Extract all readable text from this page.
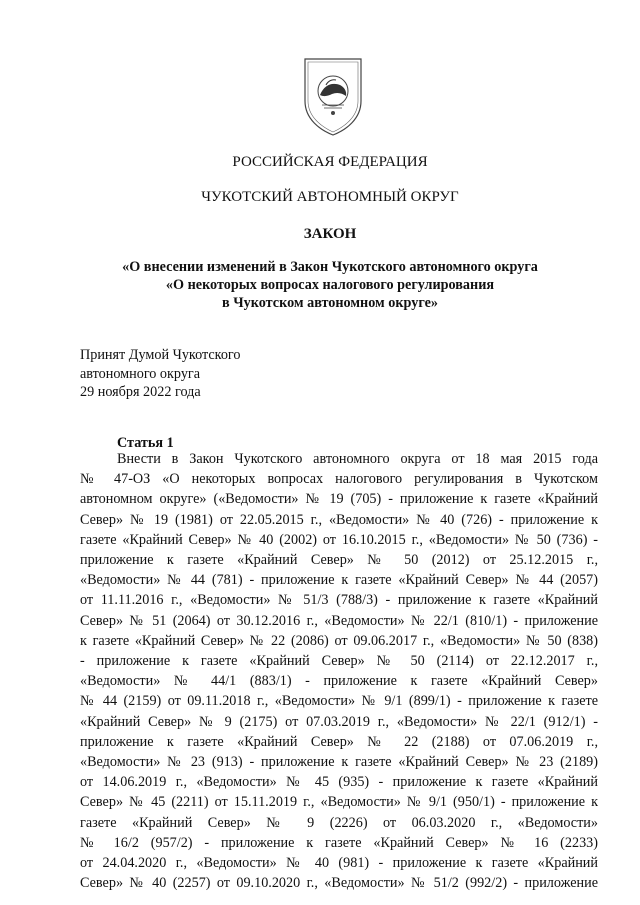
РОССИЙСКАЯ ФЕДЕРАЦИЯ
ЧУКОТСКИЙ АВТОНОМНЫЙ ОКРУГ
ЗАКОН
«О внесении изменений в Закон Чукотского автономного округа
«О некоторых вопросах налогового регулирования
в Чукотском автономном округе»
Принят Думой Чукотского
автономного округа
29 ноября 2022 года
Статья 1
Внести в Закон Чукотского автономного округа от 18 мая 2015 года
№ 47-ОЗ «О некоторых вопросах налогового регулирования в Чукотском
автономном округе» («Ведомости» № 19 (705) - приложение к газете «Крайний
Север» № 19 (1981) от 22.05.2015 г., «Ведомости» № 40 (726) - приложение к
газете «Крайний Север» № 40 (2002) от 16.10.2015 г., «Ведомости» № 50 (736) -
приложение к газете «Крайний Север» № 50 (2012) от 25.12.2015 г.,
«Ведомости» № 44 (781) - приложение к газете «Крайний Север» № 44 (2057)
от 11.11.2016 г., «Ведомости» № 51/3 (788/3) - приложение к газете «Крайний
Север» № 51 (2064) от 30.12.2016 г., «Ведомости» № 22/1 (810/1) - приложение
к газете «Крайний Север» № 22 (2086) от 09.06.2017 г., «Ведомости» № 50 (838)
- приложение к газете «Крайний Север» № 50 (2114) от 22.12.2017 г.,
«Ведомости» № 44/1 (883/1) - приложение к газете «Крайний Север»
№ 44 (2159) от 09.11.2018 г., «Ведомости» № 9/1 (899/1) - приложение к газете
«Крайний Север» № 9 (2175) от 07.03.2019 г., «Ведомости» № 22/1 (912/1) -
приложение к газете «Крайний Север» № 22 (2188) от 07.06.2019 г.,
«Ведомости» № 23 (913) - приложение к газете «Крайний Север» № 23 (2189)
от 14.06.2019 г., «Ведомости» № 45 (935) - приложение к газете «Крайний
Север» № 45 (2211) от 15.11.2019 г., «Ведомости» № 9/1 (950/1) - приложение к
газете «Крайний Север» № 9 (2226) от 06.03.2020 г., «Ведомости»
№ 16/2 (957/2) - приложение к газете «Крайний Север» № 16 (2233)
от 24.04.2020 г., «Ведомости» № 40 (981) - приложение к газете «Крайний
Север» № 40 (2257) от 09.10.2020 г., «Ведомости» № 51/2 (992/2) - приложение
